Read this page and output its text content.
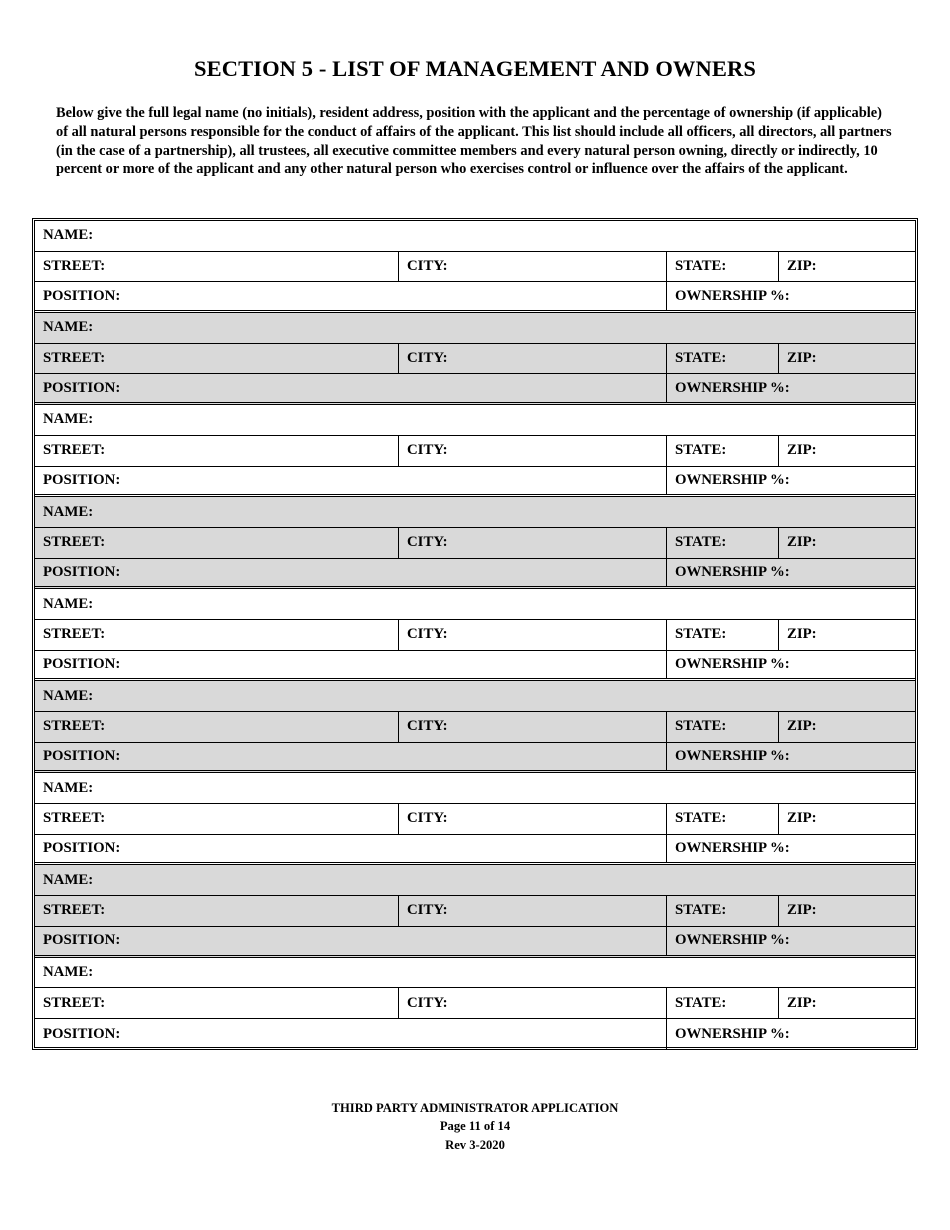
SECTION 5 - LIST OF MANAGEMENT AND OWNERS
Below give the full legal name (no initials), resident address, position with the applicant and the percentage of ownership (if applicable) of all natural persons responsible for the conduct of affairs of the applicant. This list should include all officers, all directors, all partners (in the case of a partnership), all trustees, all executive committee members and every natural person owning, directly or indirectly, 10 percent or more of the applicant and any other natural person who exercises control or influence over the affairs of the applicant.
NAME:
STREET:	CITY:	STATE:	ZIP:
POSITION:	OWNERSHIP %:
NAME:
STREET:	CITY:	STATE:	ZIP:
POSITION:	OWNERSHIP %:
NAME:
STREET:	CITY:	STATE:	ZIP:
POSITION:	OWNERSHIP %:
NAME:
STREET:	CITY:	STATE:	ZIP:
POSITION:	OWNERSHIP %:
NAME:
STREET:	CITY:	STATE:	ZIP:
POSITION:	OWNERSHIP %:
NAME:
STREET:	CITY:	STATE:	ZIP:
POSITION:	OWNERSHIP %:
NAME:
STREET:	CITY:	STATE:	ZIP:
POSITION:	OWNERSHIP %:
NAME:
STREET:	CITY:	STATE:	ZIP:
POSITION:	OWNERSHIP %:
NAME:
STREET:	CITY:	STATE:	ZIP:
POSITION:	OWNERSHIP %:
THIRD PARTY ADMINISTRATOR APPLICATION
Page 11 of 14
Rev 3-2020
